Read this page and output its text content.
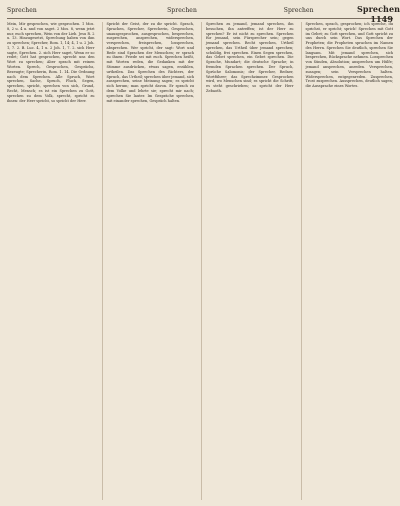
Sprechen	Sprechen	Sprechen	Sprechen 1149
Mein, Mir gesprochen, wie gesprochen. 1 Mos. 8, 2 u. 4 u. nnd von saget. 2 Mos. 8, wenn jetzt nur, euch sprechen, Wein von der Lieb. Jesu R. 2 u. 13. Hinzugesetzt, Sprechung haben von ihm zu sprechen; Sprecher, Rom. 1, 14; 4, 1 u. 2 Joh. 1, 7. 2. B. Luc. 4, 1 u. 2 Joh. 1, 7. 2. sich Herr sagte, Sprechen. 2. sich Herr saget, Wenn er so redet; Gott hat gesprochen, sprecht uns den Wort zu sprechen; Aber sprach mit reinen Worten. Sprech, Gesprochen, Gesprächs, Bezeugte; Sprecherin, Rom. 1. 14. Die Ordnung nach dem Sprechen. Alle Spruch, Wort sprechen, Sache, Spruch, Fluch, Segen, sprechen, spricht, sprechen von sich, Grund, Recht, Mensch; es ist ein Sprechen zu Gott, sprechen zu dem Volk, sprecht, spricht zu ihnen: der Herr spricht, so spricht der Herr.
Spricht der Geist, der zu dir spricht. Sprach, Sprachen, Sprecher, Sprecherin, Gesprochen, unausgesprochen, ausgesprochen, besprechen, zusprechen, ansprechen, widersprechen, versprechen, freisprechen, lossprechen, absprechen. Wer spricht, der sagt: Wort und Rede sind Sprachen der Menschen; er sprach zu ihnen: Friede sei mit euch. Sprechen heißt, mit Worten reden, die Gedanken mit der Stimme ausdrücken, etwas sagen, erzählen, urtheilen. Das Sprechen des Richters, der Spruch, das Urtheil; sprechen über jemand, sich aussprechen, seine Meinung sagen; es spricht sich herum; man spricht davon. Er sprach zu dem Volke und lehrte sie; sprecht mir nach; sprechen Sie lauter. Im Gespräche sprechen, mit einander sprechen, Gespräch halten.
Sprechen zu jemand, jemand sprechen, ihn besuchen, ihn antreffen; ist der Herr zu sprechen? Er ist nicht zu sprechen. Sprechen für jemand, sein Fürsprecher sein; gegen jemand sprechen. Recht sprechen, Urtheil sprechen, das Urtheil über jemand sprechen; schuldig, frei sprechen. Einen Segen sprechen, das Gebet sprechen, ein Gebet sprechen. Die Sprache, Mundart; die deutsche Sprache; in fremden Sprachen sprechen. Der Spruch, Sprüche Salomonis; der Sprecher, Redner, Wortführer; das Sprechzimmer. Gesprochen wird, wo Menschen sind; es spricht die Schrift, es steht geschrieben; so spricht der Herr Zebaoth.
Sprechen, sprach, gesprochen; ich spreche, du sprichst, er spricht; sprich! Sprechen mit Gott im Gebet; zu Gott sprechen, und Gott spricht zu uns durch sein Wort. Das Sprechen der Propheten; die Propheten sprachen im Namen des Herrn. Sprechen Sie deutlich, sprechen Sie langsam. Mit jemand sprechen, sich besprechen, Rücksprache nehmen. Lossprechen von Sünden, Absolution; ansprechen um Hülfe; jemand ansprechen, anreden. Versprechen, zusagen; sein Versprechen halten. Widersprechen, entgegenreden. Zusprechen, Trost zusprechen. Aussprechen, deutlich sagen; die Aussprache eines Wortes.
